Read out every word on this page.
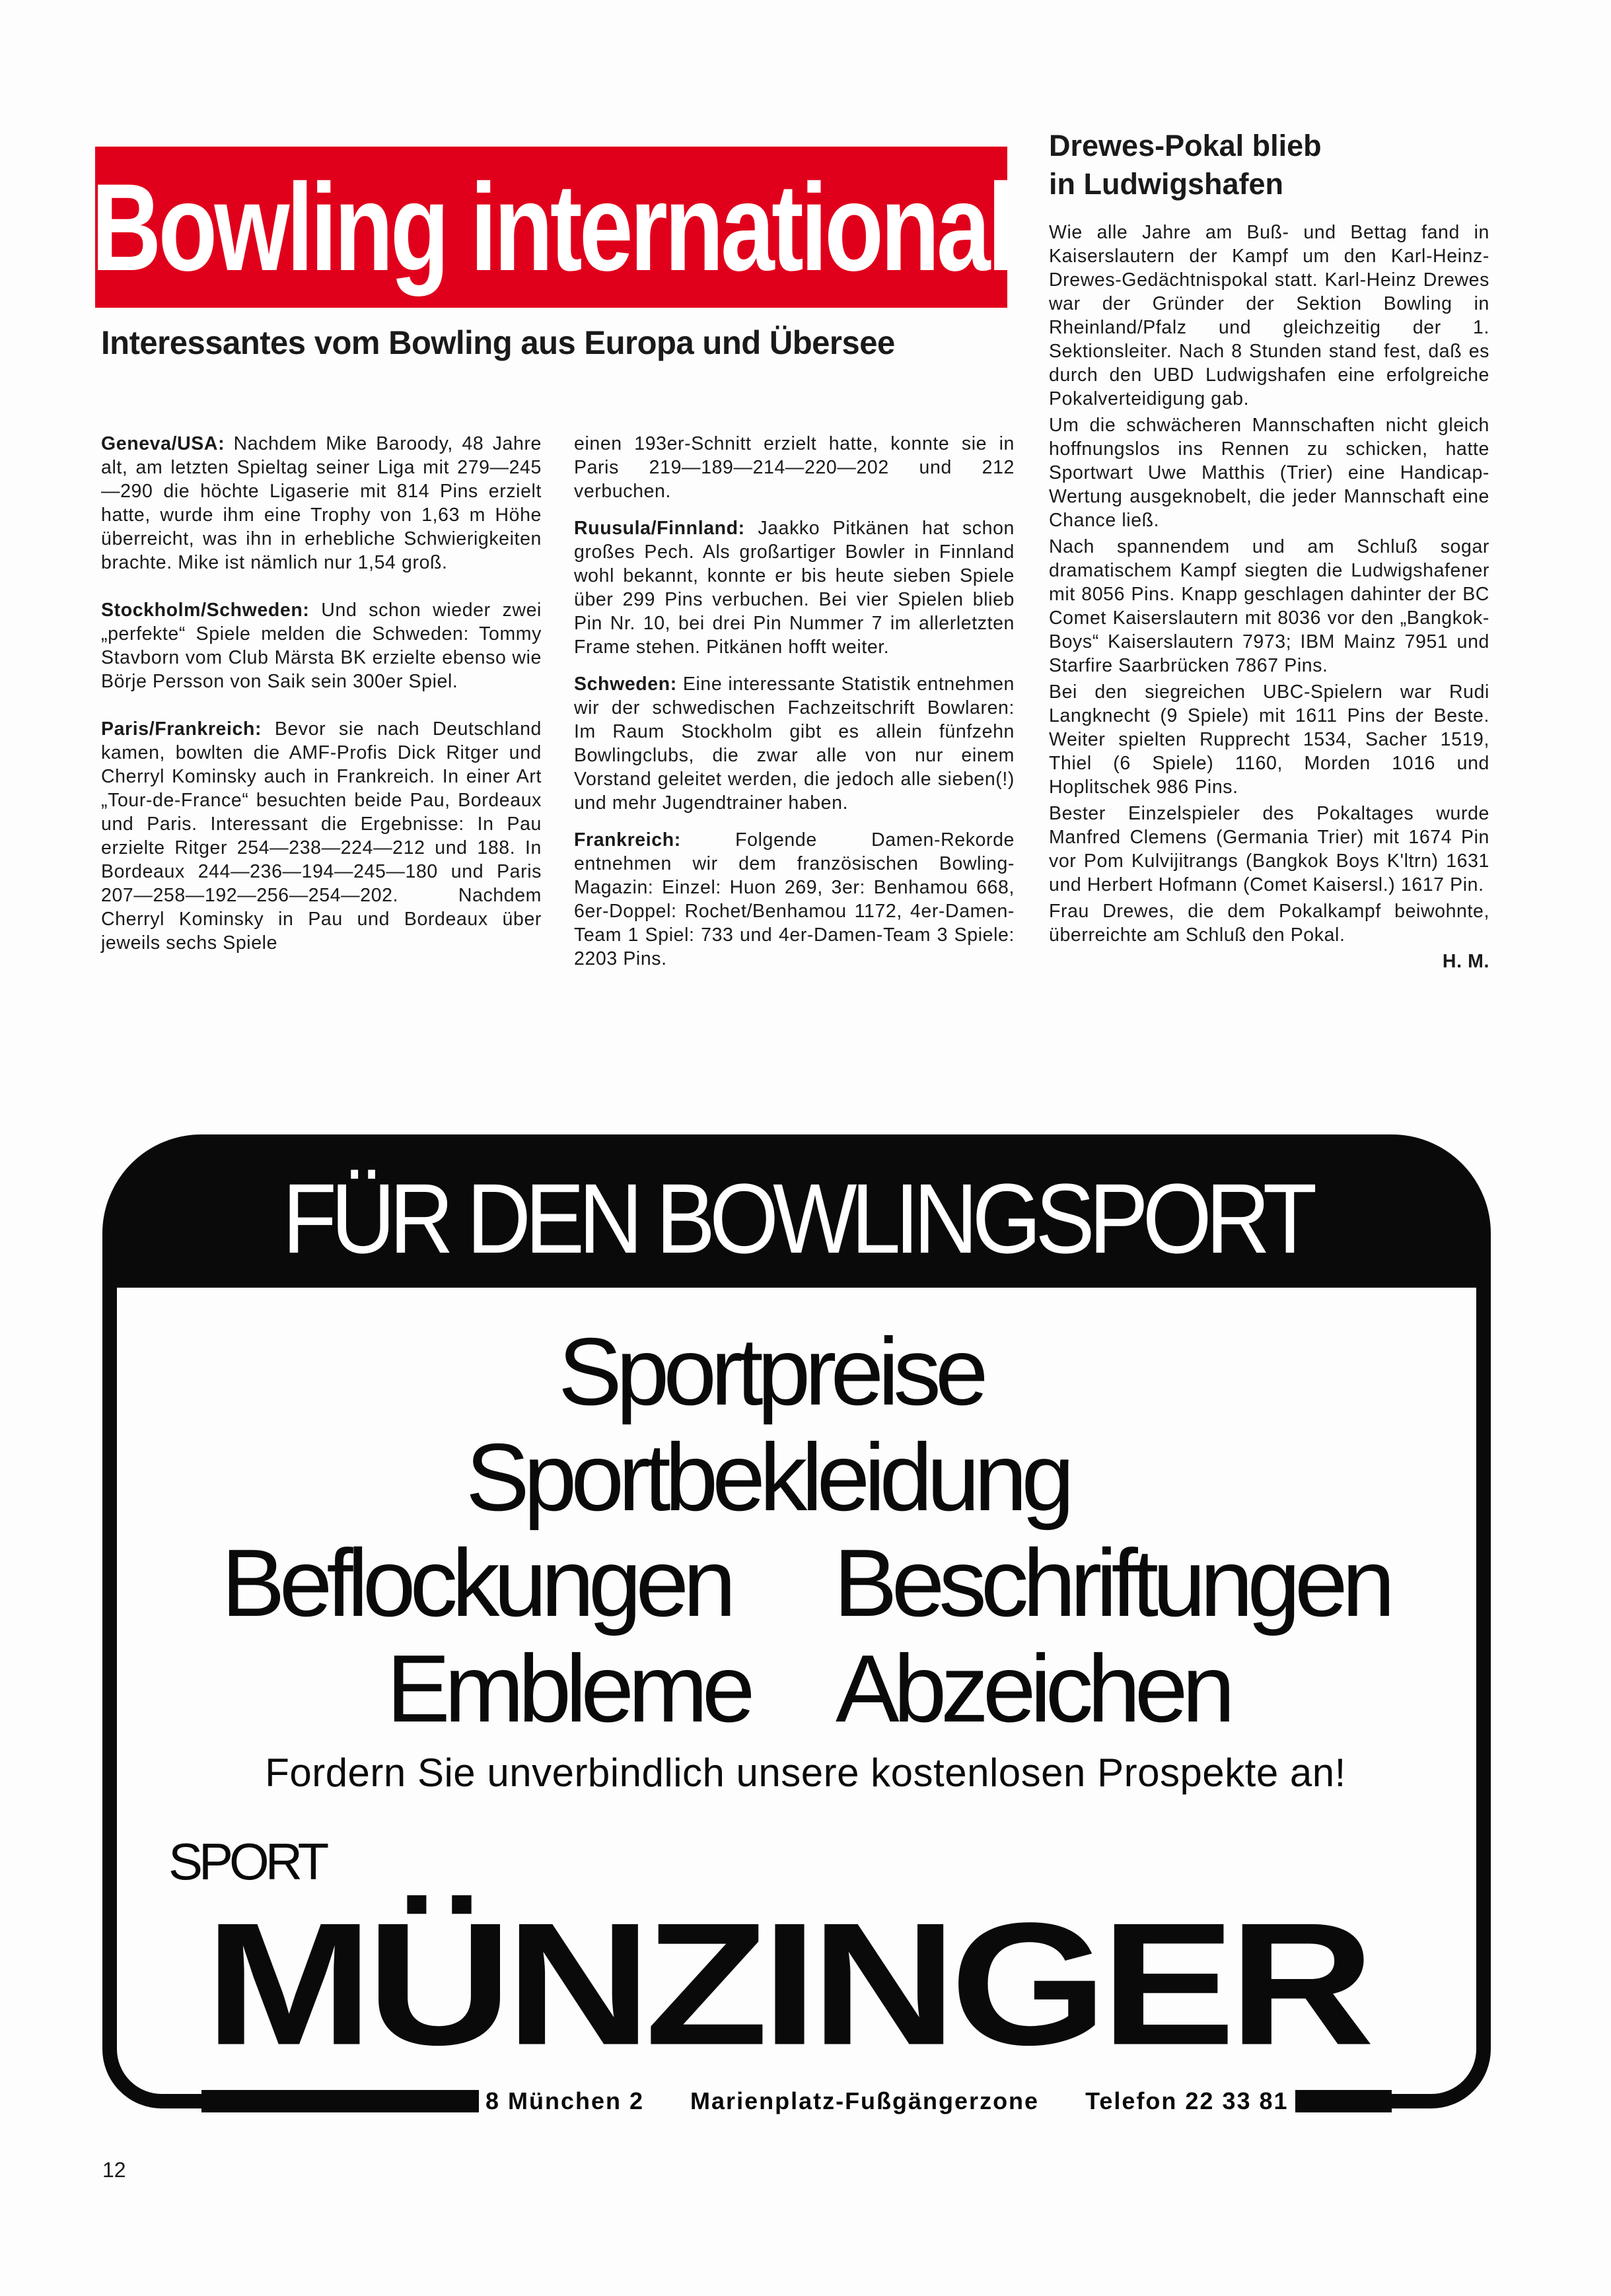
Bowling international
Interessantes vom Bowling aus Europa und Übersee

Geneva/USA: Nachdem Mike Baroody, 48 Jahre alt, am letzten Spieltag seiner Liga mit 279—245—290 die höchte Ligaserie mit 814 Pins erzielt hatte, wurde ihm eine Trophy von 1,63 m Höhe überreicht, was ihn in erhebliche Schwierigkeiten brachte. Mike ist nämlich nur 1,54 groß.

Stockholm/Schweden: Und schon wieder zwei „perfekte“ Spiele melden die Schweden: Tommy Stavborn vom Club Märsta BK erzielte ebenso wie Börje Persson von Saik sein 300er Spiel.

Paris/Frankreich: Bevor sie nach Deutschland kamen, bowlten die AMF-Profis Dick Ritger und Cherryl Kominsky auch in Frankreich. In einer Art „Tour-de-France“ besuchten beide Pau, Bordeaux und Paris. Interessant die Ergebnisse: In Pau erzielte Ritger 254—238—224—212 und 188. In Bordeaux 244—236—194—245—180 und Paris 207—258—192—256—254—202. Nachdem Cherryl Kominsky in Pau und Bordeaux über jeweils sechs Spiele

einen 193er-Schnitt erzielt hatte, konnte sie in Paris 219—189—214—220—202 und 212 verbuchen.

Ruusula/Finnland: Jaakko Pitkänen hat schon großes Pech. Als großartiger Bowler in Finnland wohl bekannt, konnte er bis heute sieben Spiele über 299 Pins verbuchen. Bei vier Spielen blieb Pin Nr. 10, bei drei Pin Nummer 7 im allerletzten Frame stehen. Pitkänen hofft weiter.

Schweden: Eine interessante Statistik entnehmen wir der schwedischen Fachzeitschrift Bowlaren: Im Raum Stockholm gibt es allein fünfzehn Bowlingclubs, die zwar alle von nur einem Vorstand geleitet werden, die jedoch alle sieben(!) und mehr Jugendtrainer haben.

Frankreich: Folgende Damen-Rekorde entnehmen wir dem französischen Bowling-Magazin: Einzel: Huon 269, 3er: Benhamou 668, 6er-Doppel: Rochet/Benhamou 1172, 4er-Damen-Team 1 Spiel: 733 und 4er-Damen-Team 3 Spiele: 2203 Pins.

Drewes-Pokal blieb
in Ludwigshafen

Wie alle Jahre am Buß- und Bettag fand in Kaiserslautern der Kampf um den Karl-Heinz-Drewes-Gedächtnispokal statt. Karl-Heinz Drewes war der Gründer der Sektion Bowling in Rheinland/Pfalz und gleichzeitig der 1. Sektionsleiter. Nach 8 Stunden stand fest, daß es durch den UBD Ludwigshafen eine erfolgreiche Pokalverteidigung gab.

Um die schwächeren Mannschaften nicht gleich hoffnungslos ins Rennen zu schicken, hatte Sportwart Uwe Matthis (Trier) eine Handicap-Wertung ausgeknobelt, die jeder Mannschaft eine Chance ließ.

Nach spannendem und am Schluß sogar dramatischem Kampf siegten die Ludwigshafener mit 8056 Pins. Knapp geschlagen dahinter der BC Comet Kaiserslautern mit 8036 vor den „Bangkok-Boys“ Kaiserslautern 7973; IBM Mainz 7951 und Starfire Saarbrücken 7867 Pins.

Bei den siegreichen UBC-Spielern war Rudi Langknecht (9 Spiele) mit 1611 Pins der Beste. Weiter spielten Rupprecht 1534, Sacher 1519, Thiel (6 Spiele) 1160, Morden 1016 und Hoplitschek 986 Pins.

Bester Einzelspieler des Pokaltages wurde Manfred Clemens (Germania Trier) mit 1674 Pin vor Pom Kulvijitrangs (Bangkok Boys K'ltrn) 1631 und Herbert Hofmann (Comet Kaisersl.) 1617 Pin.

Frau Drewes, die dem Pokalkampf beiwohnte, überreichte am Schluß den Pokal.

H. M.
FÜR DEN BOWLINGSPORT
Sportpreise
Sportbekleidung
Beflockungen Beschriftungen
Embleme Abzeichen
Fordern Sie unverbindlich unsere kostenlosen Prospekte an!
SPORT
MÜNZINGER
8 München 2 Marienplatz-Fußgängerzone Telefon 22 33 81
12
